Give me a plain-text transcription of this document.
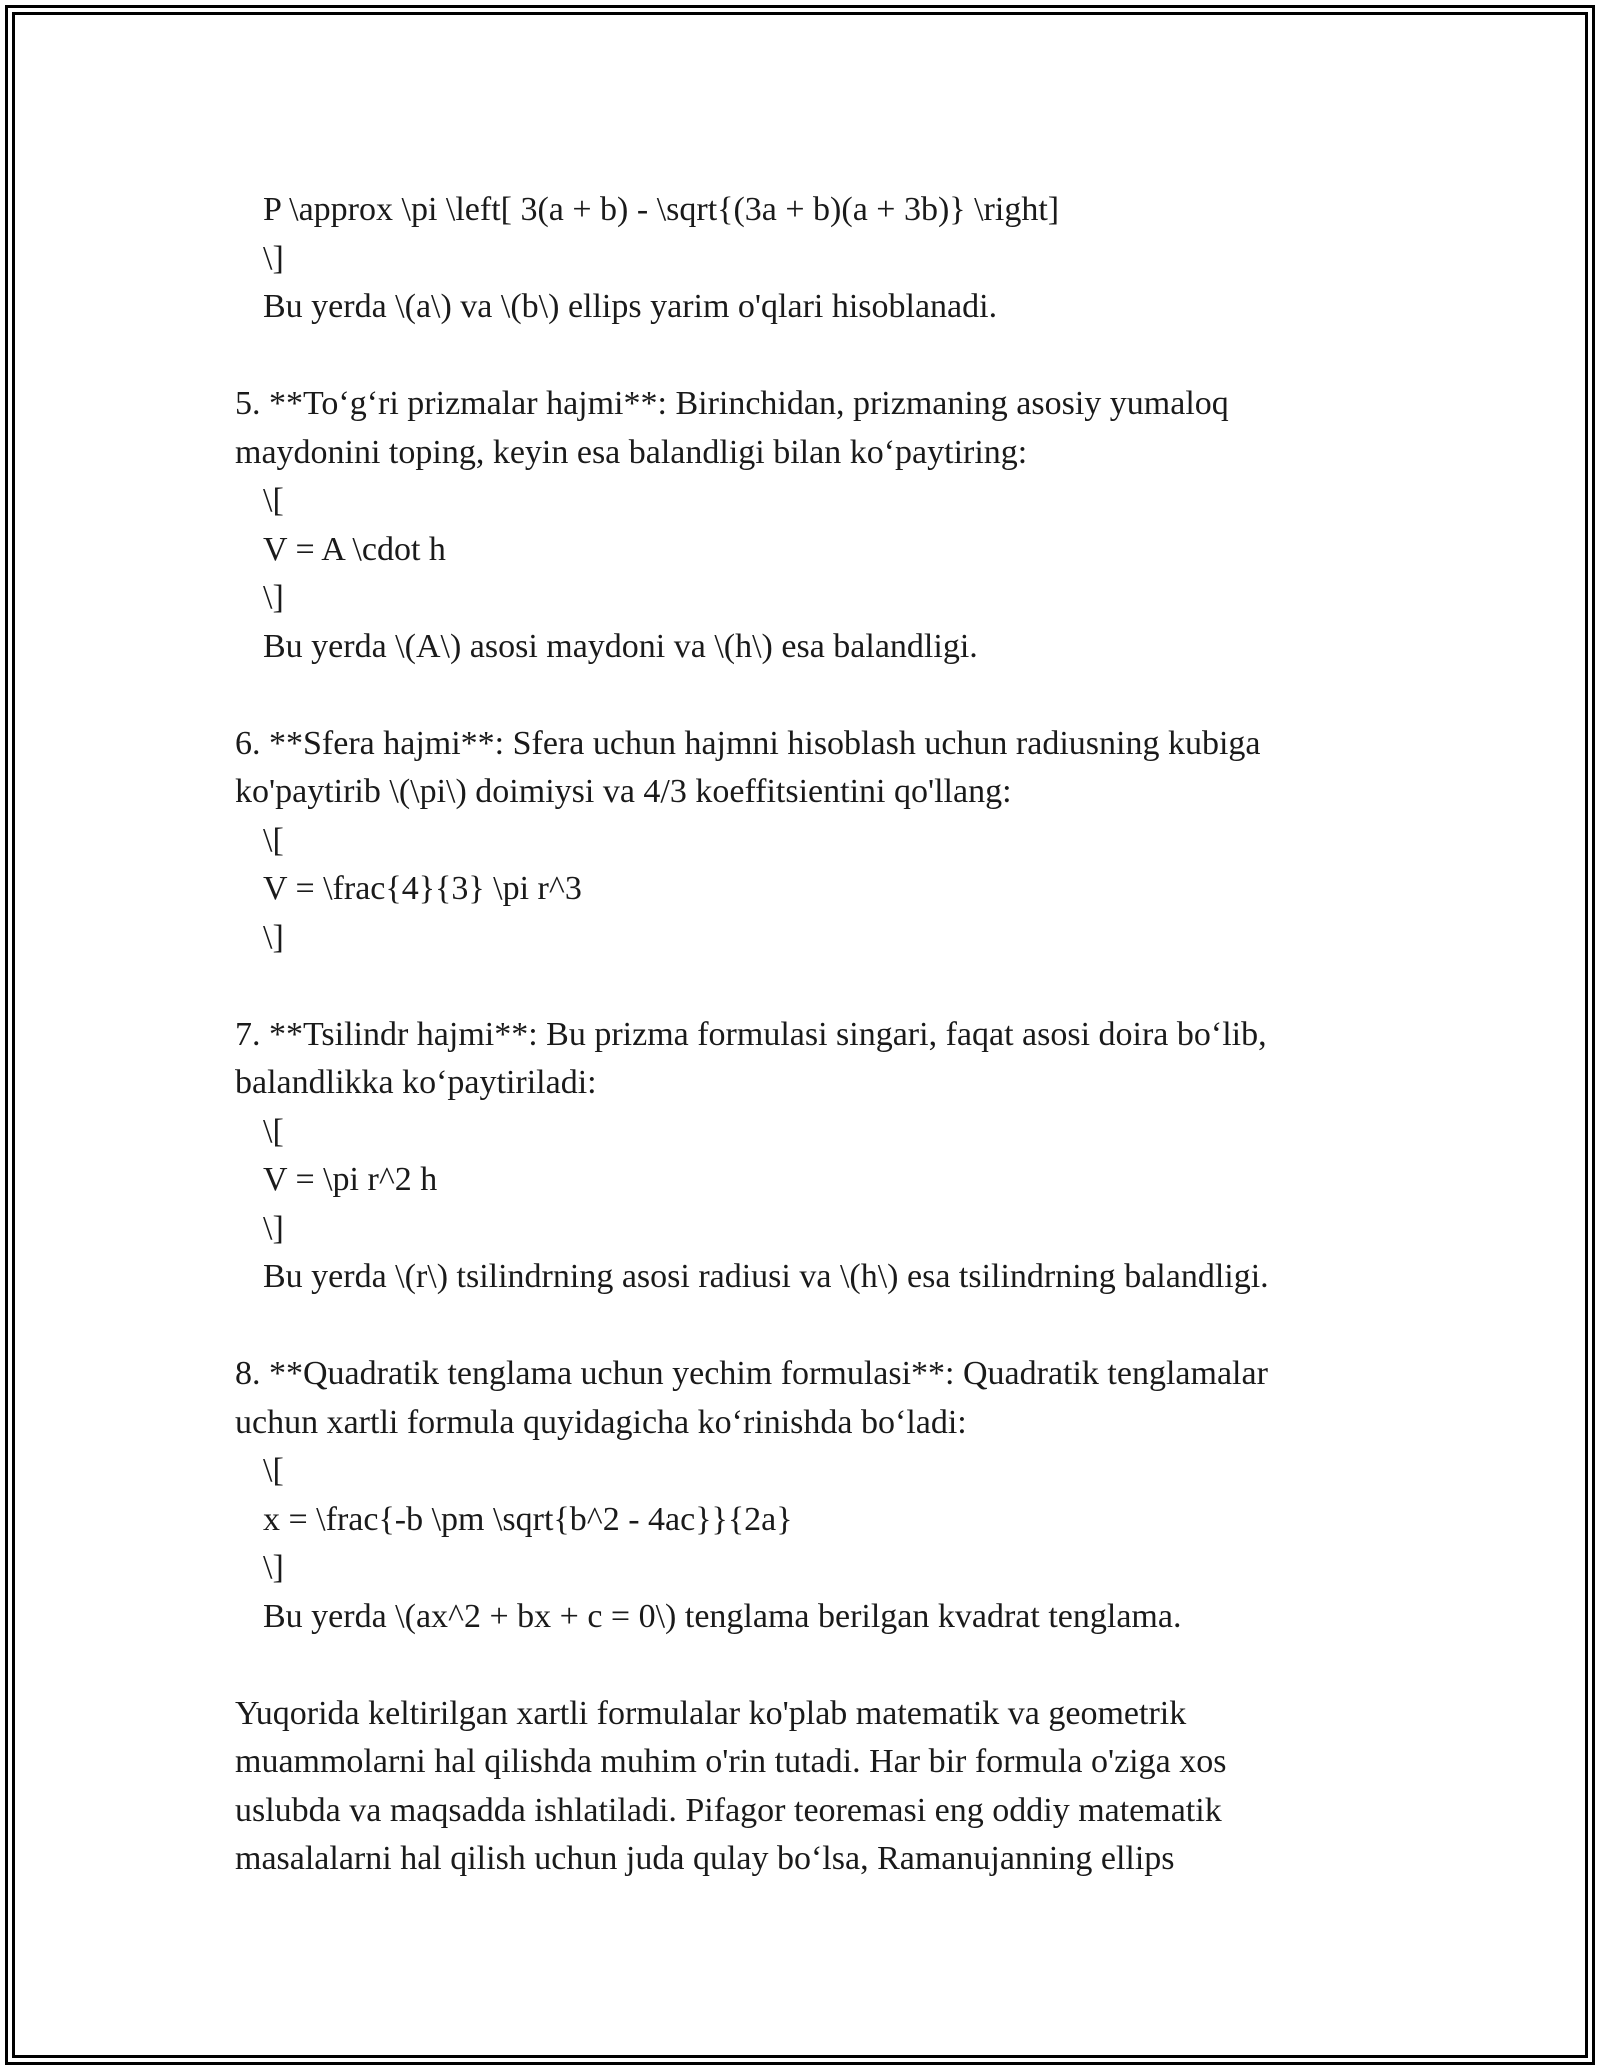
P \approx \pi \left[ 3(a + b) - \sqrt{(3a + b)(a + 3b)} \right]
\]
Bu yerda \(a\) va \(b\) ellips yarim o'qlari hisoblanadi.
5. **To‘g‘ri prizmalar hajmi**: Birinchidan, prizmaning asosiy yumaloq
maydonini toping, keyin esa balandligi bilan ko‘paytiring:
\[
V = A \cdot h
\]
Bu yerda \(A\) asosi maydoni va \(h\) esa balandligi.
6. **Sfera hajmi**: Sfera uchun hajmni hisoblash uchun radiusning kubiga
ko'paytirib \(\pi\) doimiysi va 4/3 koeffitsientini qo'llang:
\[
V = \frac{4}{3} \pi r^3
\]
7. **Tsilindr hajmi**: Bu prizma formulasi singari, faqat asosi doira bo‘lib,
balandlikka ko‘paytiriladi:
\[
V = \pi r^2 h
\]
Bu yerda \(r\) tsilindrning asosi radiusi va \(h\) esa tsilindrning balandligi.
8. **Quadratik tenglama uchun yechim formulasi**: Quadratik tenglamalar
uchun xartli formula quyidagicha ko‘rinishda bo‘ladi:
\[
x = \frac{-b \pm \sqrt{b^2 - 4ac}}{2a}
\]
Bu yerda \(ax^2 + bx + c = 0\) tenglama berilgan kvadrat tenglama.
Yuqorida keltirilgan xartli formulalar ko'plab matematik va geometrik
muammolarni hal qilishda muhim o'rin tutadi. Har bir formula o'ziga xos
uslubda va maqsadda ishlatiladi. Pifagor teoremasi eng oddiy matematik
masalalarni hal qilish uchun juda qulay bo‘lsa, Ramanujanning ellips
